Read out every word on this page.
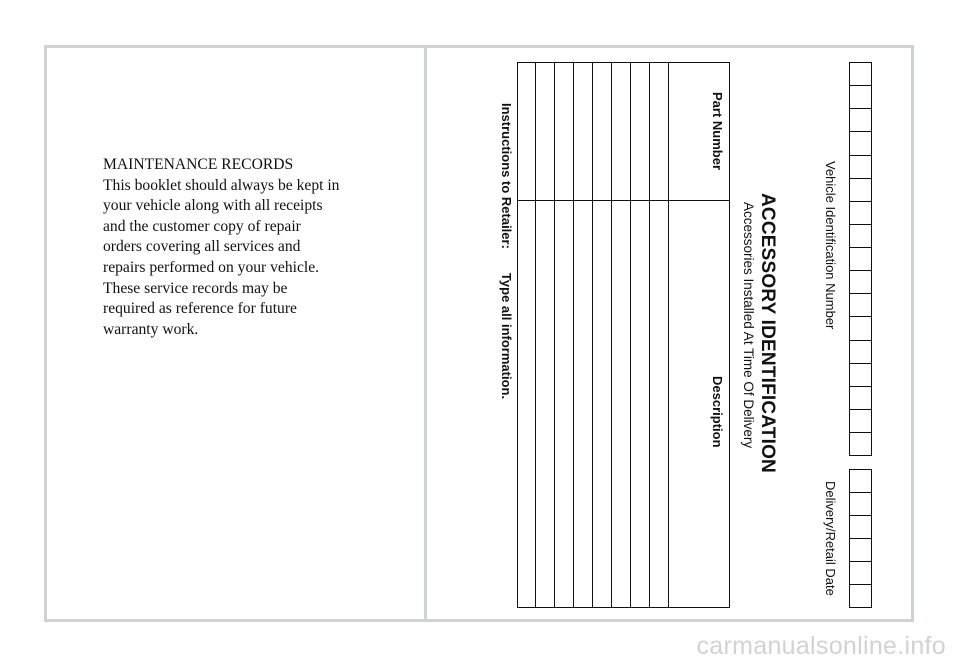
MAINTENANCE RECORDS
This booklet should always be kept in
your vehicle along with all receipts
and the customer copy of repair
orders covering all services and
repairs performed on your vehicle.
These service records may be
required as reference for future
warranty work.	Vehicle Identification Number
Delivery/Retail Date
ACCESSORY IDENTIFICATION
Accessories Installed At Time Of Delivery
Part Number
Description
Instructions to Retailer:Type all information.
carmanualsonline.info
